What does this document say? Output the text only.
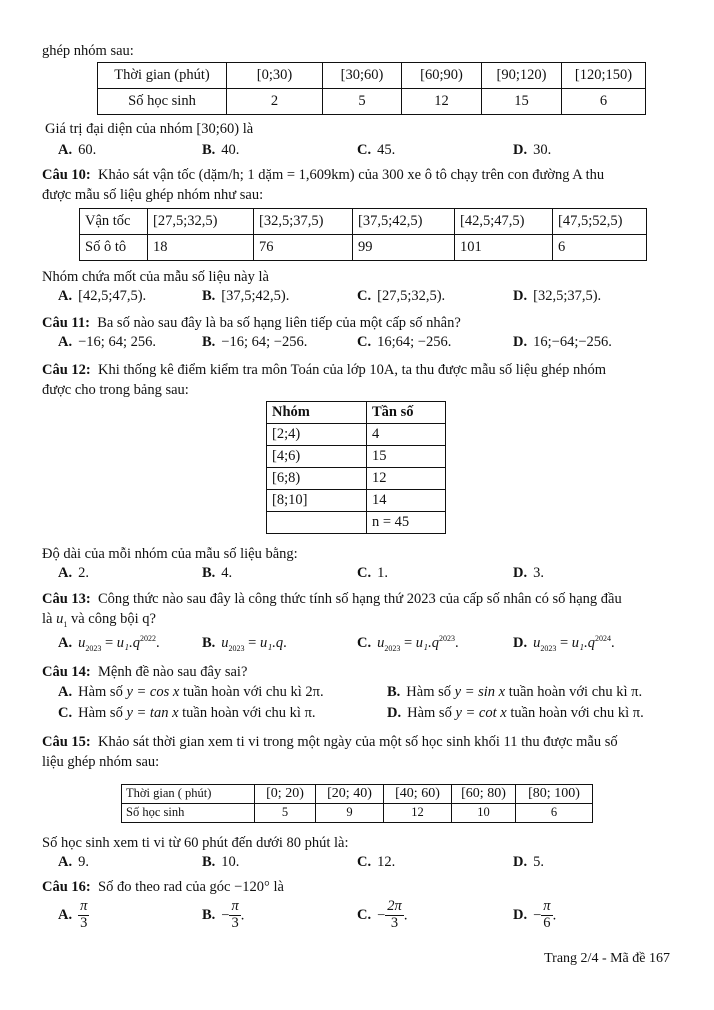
ghép nhóm sau:
Thời gian (phút)	[0;30)	[30;60)	[60;90)	[90;120)	[120;150)
Số học sinh	2	5	12	15	6
Giá trị đại diện của nhóm [30;60) là
A. 60.	B. 40.	C. 45.	D. 30.
Câu 10: Khảo sát vận tốc (dặm/h; 1 dặm = 1,609km) của 300 xe ô tô chạy trên con đường A thu
được mẫu số liệu ghép nhóm như sau:
Vận tốc	[27,5;32,5)	[32,5;37,5)	[37,5;42,5)	[42,5;47,5)	[47,5;52,5)
Số ô tô	18	76	99	101	6
Nhóm chứa mốt của mẫu số liệu này là
A. [42,5;47,5).	B. [37,5;42,5).	C. [27,5;32,5).	D. [32,5;37,5).
Câu 11: Ba số nào sau đây là ba số hạng liên tiếp của một cấp số nhân?
A. −16; 64; 256.	B. −16; 64; −256.	C. 16;64; −256.	D. 16;−64;−256.
Câu 12: Khi thống kê điểm kiểm tra môn Toán của lớp 10A, ta thu được mẫu số liệu ghép nhóm
được cho trong bảng sau:
Nhóm	Tần số
[2;4)	4
[4;6)	15
[6;8)	12
[8;10]	14
	n = 45
Độ dài của mỗi nhóm của mẫu số liệu bằng:
A. 2.	B. 4.	C. 1.	D. 3.
Câu 13: Công thức nào sau đây là công thức tính số hạng thứ 2023 của cấp số nhân có số hạng đầu
là $u_1$ và công bội q?
A. $u_{2023} = u_1.q^{2022}$.	B. $u_{2023} = u_1.q$.	C. $u_{2023} = u_1.q^{2023}$.	D. $u_{2023} = u_1.q^{2024}$.
Câu 14: Mệnh đề nào sau đây sai?
A. Hàm số y = cos x tuần hoàn với chu kì 2π.	B. Hàm số y = sin x tuần hoàn với chu kì π.
C. Hàm số y = tan x tuần hoàn với chu kì π.	D. Hàm số y = cot x tuần hoàn với chu kì π.
Câu 15: Khảo sát thời gian xem ti vi trong một ngày của một số học sinh khối 11 thu được mẫu số
liệu ghép nhóm sau:
Thời gian ( phút)	[0; 20)	[20; 40)	[40; 60)	[60; 80)	[80; 100)
Số học sinh	5	9	12	10	6
Số học sinh xem ti vi từ 60 phút đến dưới 80 phút là:
A. 9.	B. 10.	C. 12.	D. 5.
Câu 16: Số đo theo rad của góc −120° là
A. $\frac{\pi}{3}$	B. − $\frac{\pi}{3}$ .	C. − $\frac{2\pi}{3}$ .	D. − $\frac{\pi}{6}$ .
Trang 2/4 - Mã đề 167
